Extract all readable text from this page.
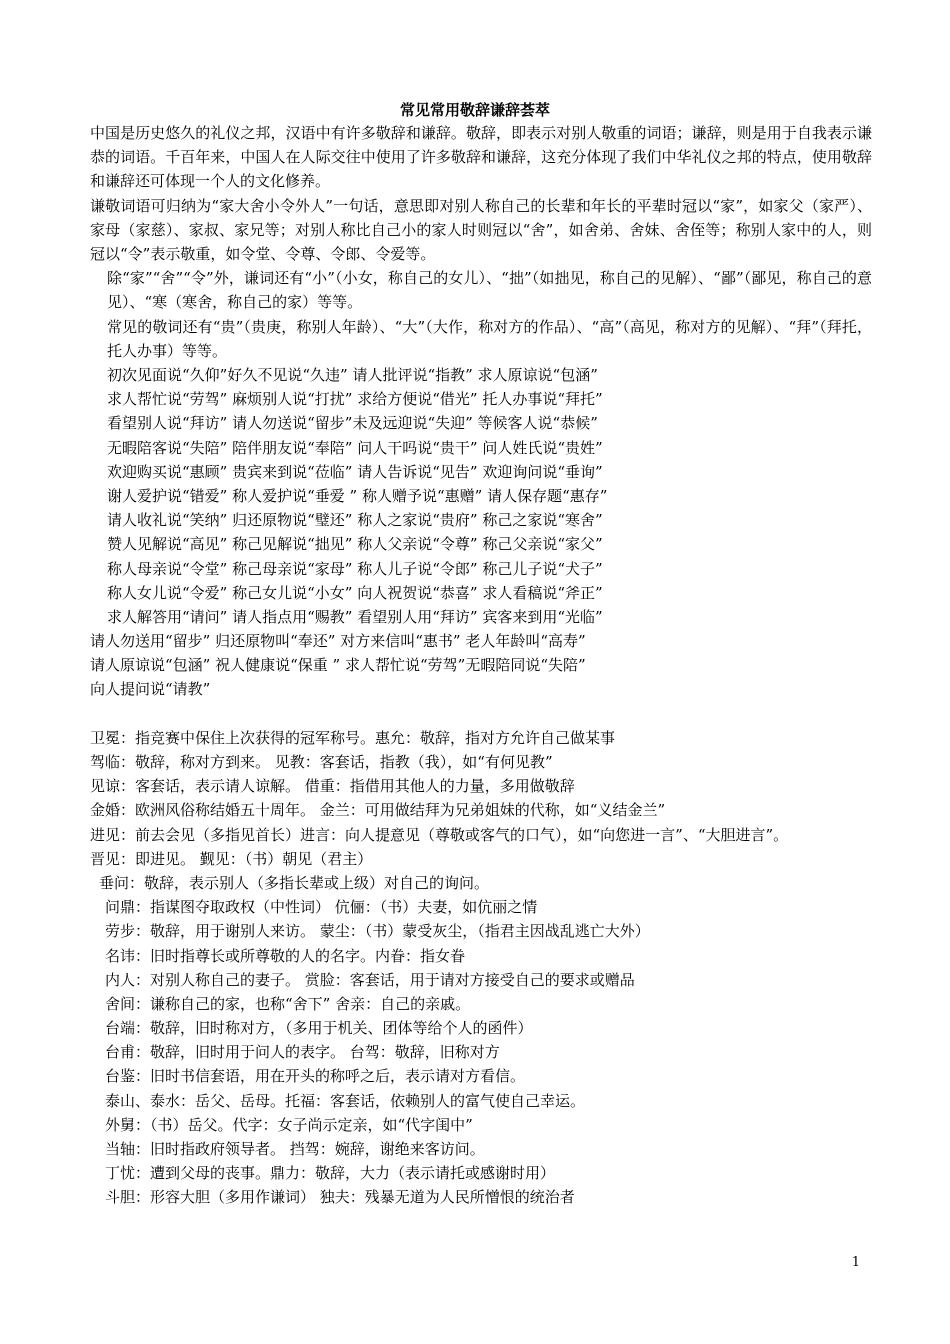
常见常用敬辞谦辞荟萃
中国是历史悠久的礼仪之邦，汉语中有许多敬辞和谦辞。敬辞，即表示对别人敬重的词语；谦辞，则是用于自我表示谦恭的词语。千百年来，中国人在人际交往中使用了许多敬辞和谦辞，这充分体现了我们中华礼仪之邦的特点，使用敬辞和谦辞还可体现一个人的文化修养。
谦敬词语可归纳为“家大舍小令外人”一句话，意思即对别人称自己的长辈和年长的平辈时冠以“家”，如家父（家严）、家母（家慈）、家叔、家兄等；对别人称比自己小的家人时则冠以“舍”，如舍弟、舍妹、舍侄等；称别人家中的人，则冠以“令”表示敬重，如令堂、令尊、令郎、令爱等。
除“家”“舍”“令”外，谦词还有“小”（小女，称自己的女儿）、“拙”（如拙见，称自己的见解）、“鄙”（鄙见，称自己的意见）、“寒（寒舍，称自己的家）等等。
常见的敬词还有“贵”（贵庚，称别人年龄）、“大”（大作，称对方的作品）、“高”（高见，称对方的见解）、“拜”（拜托，托人办事）等等。
初次见面说“久仰”好久不见说“久违” 请人批评说“指教” 求人原谅说“包涵”
求人帮忙说“劳驾” 麻烦别人说“打扰” 求给方便说“借光” 托人办事说“拜托”
看望别人说“拜访” 请人勿送说“留步”未及远迎说“失迎” 等候客人说“恭候”
无暇陪客说“失陪” 陪伴朋友说“奉陪” 问人干吗说“贵干” 问人姓氏说“贵姓”
欢迎购买说“惠顾” 贵宾来到说“莅临” 请人告诉说“见告” 欢迎询问说“垂询”
谢人爱护说“错爱” 称人爱护说“垂爱 ” 称人赠予说“惠赠” 请人保存题“惠存”
请人收礼说“笑纳” 归还原物说“璧还” 称人之家说“贵府” 称己之家说“寒舍”
赞人见解说“高见” 称己见解说“拙见” 称人父亲说“令尊” 称己父亲说“家父”
称人母亲说“令堂” 称己母亲说“家母” 称人儿子说“令郎” 称己儿子说“犬子”
称人女儿说“令爱” 称己女儿说“小女” 向人祝贺说“恭喜” 求人看稿说“斧正”
求人解答用“请问” 请人指点用“赐教” 看望别人用“拜访” 宾客来到用“光临”
请人勿送用“留步” 归还原物叫“奉还” 对方来信叫“惠书” 老人年龄叫“高寿”
请人原谅说“包涵” 祝人健康说“保重 ” 求人帮忙说“劳驾”无暇陪同说“失陪”
向人提问说“请教”
卫冕：指竞赛中保住上次获得的冠军称号。惠允：敬辞，指对方允许自己做某事
驾临：敬辞，称对方到来。 见教：客套话，指教（我），如“有何见教”
见谅：客套话，表示请人谅解。 借重：指借用其他人的力量，多用做敬辞
金婚：欧洲风俗称结婚五十周年。 金兰：可用做结拜为兄弟姐妹的代称，如“义结金兰”
进见：前去会见（多指见首长）进言：向人提意见（尊敬或客气的口气），如“向您进一言”、“大胆进言”。
晋见：即进见。 觐见：（书）朝见（君主）
垂问：敬辞，表示别人（多指长辈或上级）对自己的询问。
问鼎：指谋图夺取政权（中性词） 伉俪：（书）夫妻，如伉丽之情
劳步：敬辞，用于谢别人来访。 蒙尘：（书）蒙受灰尘，（指君主因战乱逃亡大外）
名讳：旧时指尊长或所尊敬的人的名字。内眷：指女眷
内人：对别人称自己的妻子。 赏脸：客套话，用于请对方接受自己的要求或赠品
舍间：谦称自己的家，也称“舍下” 舍亲：自己的亲戚。
台端：敬辞，旧时称对方，（多用于机关、团体等给个人的函件）
台甫：敬辞，旧时用于问人的表字。 台驾：敬辞，旧称对方
台鉴：旧时书信套语，用在开头的称呼之后，表示请对方看信。
泰山、泰水：岳父、岳母。托福：客套话，依赖别人的富气使自己幸运。
外舅：（书）岳父。代字：女子尚示定亲，如“代字闺中”
当轴：旧时指政府领导者。 挡驾：婉辞，谢绝来客访问。
丁忧：遭到父母的丧事。鼎力：敬辞，大力（表示请托或感谢时用）
斗胆：形容大胆（多用作谦词） 独夫：残暴无道为人民所憎恨的统治者
1
